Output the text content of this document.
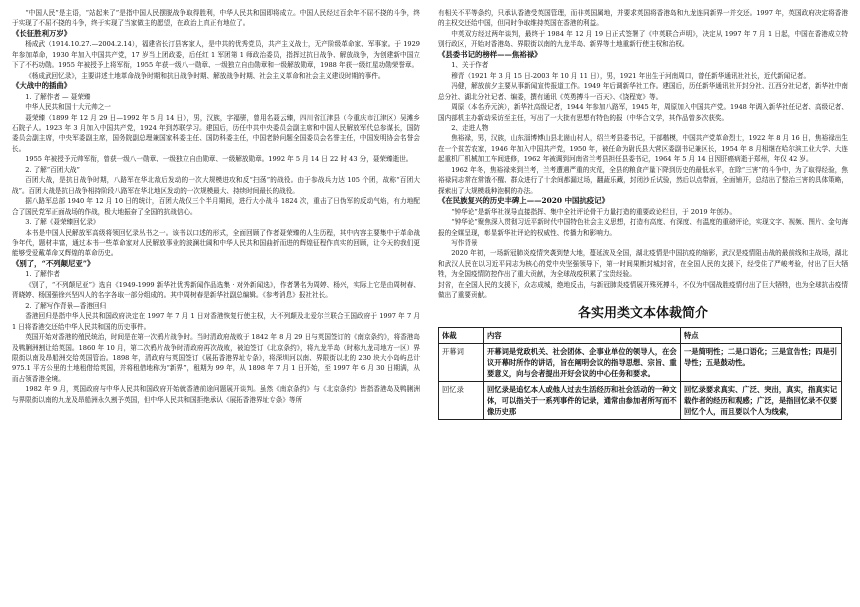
“中国人民”是主语，“站起来了”是指中国人民摆脱战争取得胜利，中华人民共和国即将成立。中国人民经过百余年不屈不挠的斗争，终于实现了不屈不挠的斗争，终于实现了当家做主的愿望，在政治上真正有地位了。

《长征胜利万岁》

杨成武（1914.10.27.—2004.2.14），福建省长汀县客家人，是中共的优秀党员，共产主义战士，无产阶级革命家、军事家。于 1929 年参加革命，1930 年加入中国共产党，17 岁当上团政委，后任红 1 军团第 1 师政治委员，指挥过抗日战争、解放战争，为创建新中国立下了不朽功勋。1955 年被授予上将军衔，1955 年获一级八一勋章、一级独立自由勋章和一级解放勋章，1988 年获一级红星功勋荣誉章。

《杨成武回忆录》，主要讲述土地革命战争时期和抗日战争时期、解放战争时期、社会主义革命和社会主义建设时期的事件。

《大战中的插曲》

1. 了解作者 — 聂荣臻

中华人民共和国十大元帅之一

聂荣臻（1899 年 12 月 29 日—1992 年 5 月 14 日），男，汉族，字福骈，曾用名聂云臻，四川省江津县（今重庆市江津区）吴滩乡石院子人。1923 年 3 月加入中国共产党，1924 年到苏联学习。建国后，历任中共中央委员会副主席和中国人民解放军代总参谋长，国防委员会副主席，中央军委副主席，国务院副总理兼国家科委主任、国防科委主任，中国老龄问题全国委员会名誉主任，中国发明协会名誉会长。

1955 年被授予元帅军衔，曾获一级八一勋章、一级独立自由勋章、一级解放勋章。1992 年 5 月 14 日 22 时 43 分，聂荣臻逝世。

2. 了解“百团大战”

百团大战，是抗日战争时期，八路军在华北敌后发动的一次大规模进攻和反“扫荡”的战役。由于参战兵力达 105 个团，故称“百团大战”。百团大战是抗日战争相持阶段八路军在华北地区发动的一次规模最大、持续时间最长的战役。

据八路军总部 1940 年 12 月 10 日的统计，百团大战仅三个半月期间，进行大小战斗 1824 次，重击了日伪军的反动气焰，有力地配合了国民党军正面战场的作战，极大地振奋了全国的抗战信心。

3. 了解《聂荣臻回忆录》

本书是中国人民解放军高级将领回忆录丛书之一。该书以口述的形式，全面回顾了作者聂荣臻的人生历程，其中内容主要集中于革命战争年代，题材丰富，通过本书一些革命家对人民解放事业的波澜壮阔和中华人民共和国曲折而进的辉煌征程作真实的回顾，让今天的我们更能够受爱戴革命又辉煌的革命历史。

《别了，“不列颠尼亚”》

1. 了解作者

《别了，“不列颠尼亚”》选自《1949-1999 新华社优秀新闻作品选集 · 对外新闻选》，作者署名为周婷、杨兴，实际上它是由周树春、胥晓婷、杨国强徐兴坚四人的名字各取一部分组成的。其中周树春是新华社副总编辑。《参考消息》报社社长。

2. 了解写作背景—香港回归

香港回归是指中华人民共和国政府决定在 1997 年 7 月 1 日对香港恢复行使主权，大不列颠及北爱尔兰联合王国政府于 1997 年 7 月 1 日将香港交还给中华人民共和国的历史事件。

英国开始对香港的殖民统治，时间是在第一次鸦片战争时。当时清政府战败于 1842 年 8 月 29 日与英国签订的《南京条约》，将香港岛及鸭脷洲割让给英国。1860 年 10 月，第二次鸦片战争时清政府再次战败，被迫签订《北京条约》，将九龙半岛（时称九龙司地方一区）界限街以南及昂船洲交给英国管治。1898 年，清政府与英国签订《展拓香港界址专条》，将深圳河以南、界限街以北的 230 块大小岛屿总计 975.1 平方公里的土地租借给英国，并将租借地称为“新界”，租期为 99 年，从 1898 年 7 月 1 日开始，至 1997 年 6 月 30 日期满，从而占领香港全境。

1982 年 9 月，英国政府与中华人民共和国政府开始就香港前途问题展开谈判。虽然《南京条约》与《北京条约》皆指香港岛及鸭脷洲与界限街以南的九龙及昂船洲永久割予英国，但中华人民共和国拒绝承认《展拓香港界址专条》等所

有相关不平等条约，只承认香港受英国管理，而非英国属地，并要求英国将香港岛和九龙连同新界一并交还。1997 年，英国政府决定将香港的主权交还给中国，但同时争取维持英国在香港的利益。

中英双方经过两年谈判，最终于 1984 年 12 月 19 日正式签署了《中英联合声明》，决定从 1997 年 7 月 1 日起，中国在香港成立特别行政区，开始对香港岛、界限街以南的九龙半岛、新界等土地重新行使主权和治权。

《县委书记的榜样——焦裕禄》

1、关于作者

穆青（1921 年 3 月 15 日-2003 年 10 月 11 日），男，1921 年出生于河南周口，曾任新华通讯社社长，近代新闻记者。

冯健，解放前夕主要从事新闻宣传报道工作。1949 年后调新华社工作。建国后，历任新华通讯社开封分社、江西分社记者，新华社中南总分社、湖北分社记者、编委，撰有通讯《英勇搏斗一百天》、《饶程宽》等。

周原（本名乔元滨），新华社高级记者，1944 年参加八路军，1945 年，周原加入中国共产党。1948 年调入新华社任记者、高级记者、国内部机主办新动采访至主任，写出了一大批有思想有特色的报（中华合文学，其作品曾多次获奖。

2、走进人物

焦裕禄，男，汉族，山东淄博博山县北崮山村人，绍兰考县委书记，干部楷模，中国共产党革命烈士，1922 年 8 月 16 日，焦裕禄出生在一个贫苦农家，1946 年加入中国共产党，1950 年，被任命为尉氏县大营区委副书记兼区长，1954 年 8 月相继在哈尔滨工业大学、大连起重机厂机械加工车间进修，1962 年被调到河南省兰考县担任县委书记，1964 年 5 月 14 日因肝癌病逝于郑州，年仅 42 岁。

1962 年冬，焦裕禄来到兰考，兰考遭遇严重的灾荒，全县的粮食产量下降到历史的最低水平，在除“三害”的斗争中，为了取得经验，焦裕禄同志常在常饿不醒、群众进行了十余间都漏过场，翻蔬乐藏，封闭沙丘试验，然后以点带面，全面铺开，总结出了整治三害的具体策略，探索出了大规模栽种泡桐的办法。

《在民族复兴的历史丰碑上——2020 中国抗疫记》

“钟华论”是新华社视导直接指挥、集中全社评论骨干力量打造的重要政论栏目，于 2019 年创办。

“钟华论”聚焦深入贯彻习近平新时代中国特色社会主义思想，打造有高度、有深度、有温度的重磅评论，实现文字、视频、图片、金句海报的全媒呈现，彰显新华社评论的权威性、传播力和影响力。

写作背景

2020 年初，一场新冠肺炎疫情突袭到楚大地，蔓延波及全国，湖北疫情是中国抗疫的缩影，武汉是疫情阻击战的最前线和主战场，湖北和武汉人民在以习近平同志为核心的党中央坚强领导下，第一时间果断封城封省，在全国人民的支援下，经受住了严峻考验，付出了巨大牺牲，为全国疫情防控作出了重大贡献，为全球战疫积累了宝贵经验。

封省，在全国人民的支援下，众志成城，绝地反击，与新冠肺炎疫情展开殊死搏斗，不仅为中国战胜疫情付出了巨大牺牲，也为全球抗击疫情做出了重要贡献。

各实用类文本体裁简介
体裁	内容	特点
开幕词	开幕词是党政机关、社会团体、企事业单位的领导人，在会议开幕时所作的讲话，旨在阐明会议的指导思想、宗旨、重要意义，向与会者提出开好会议的中心任务和要求。	一是简明性；二是口语化；三是宣告性；四是引导性；五是鼓动性。
回忆录	回忆录是追忆本人或他人过去生活经历和社会活动的一种文体，可以指关于一系列事件的记录，通常由参加者所写而不像历史那	回忆录要求真实、广泛、突出，真实，指真实记载作者的经历和观感；广泛，是指回忆录不仅要回忆个人，而且要以个人为线索，
